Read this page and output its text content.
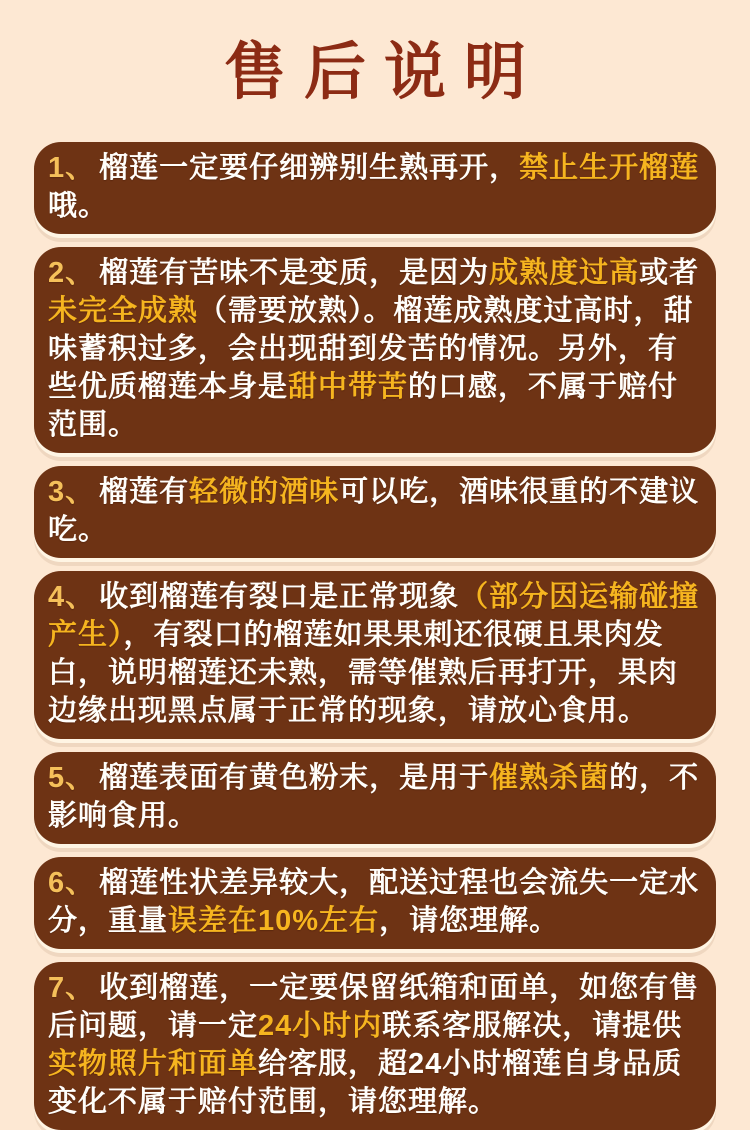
售后说明
1、 榴莲一定要仔细辨别生熟再开，禁止生开榴莲哦。
2、 榴莲有苦味不是变质，是因为成熟度过高或者未完全成熟（需要放熟）。榴莲成熟度过高时，甜味蓄积过多，会出现甜到发苦的情况。另外，有些优质榴莲本身是甜中带苦的口感，不属于赔付范围。
3、 榴莲有轻微的酒味可以吃，酒味很重的不建议吃。
4、 收到榴莲有裂口是正常现象（部分因运输碰撞产生），有裂口的榴莲如果果刺还很硬且果肉发白，说明榴莲还未熟，需等催熟后再打开，果肉边缘出现黑点属于正常的现象，请放心食用。
5、 榴莲表面有黄色粉末，是用于催熟杀菌的，不影响食用。
6、 榴莲性状差异较大，配送过程也会流失一定水分，重量误差在10%左右，请您理解。
7、 收到榴莲，一定要保留纸箱和面单，如您有售后问题，请一定24小时内联系客服解决，请提供实物照片和面单给客服，超24小时榴莲自身品质变化不属于赔付范围，请您理解。
